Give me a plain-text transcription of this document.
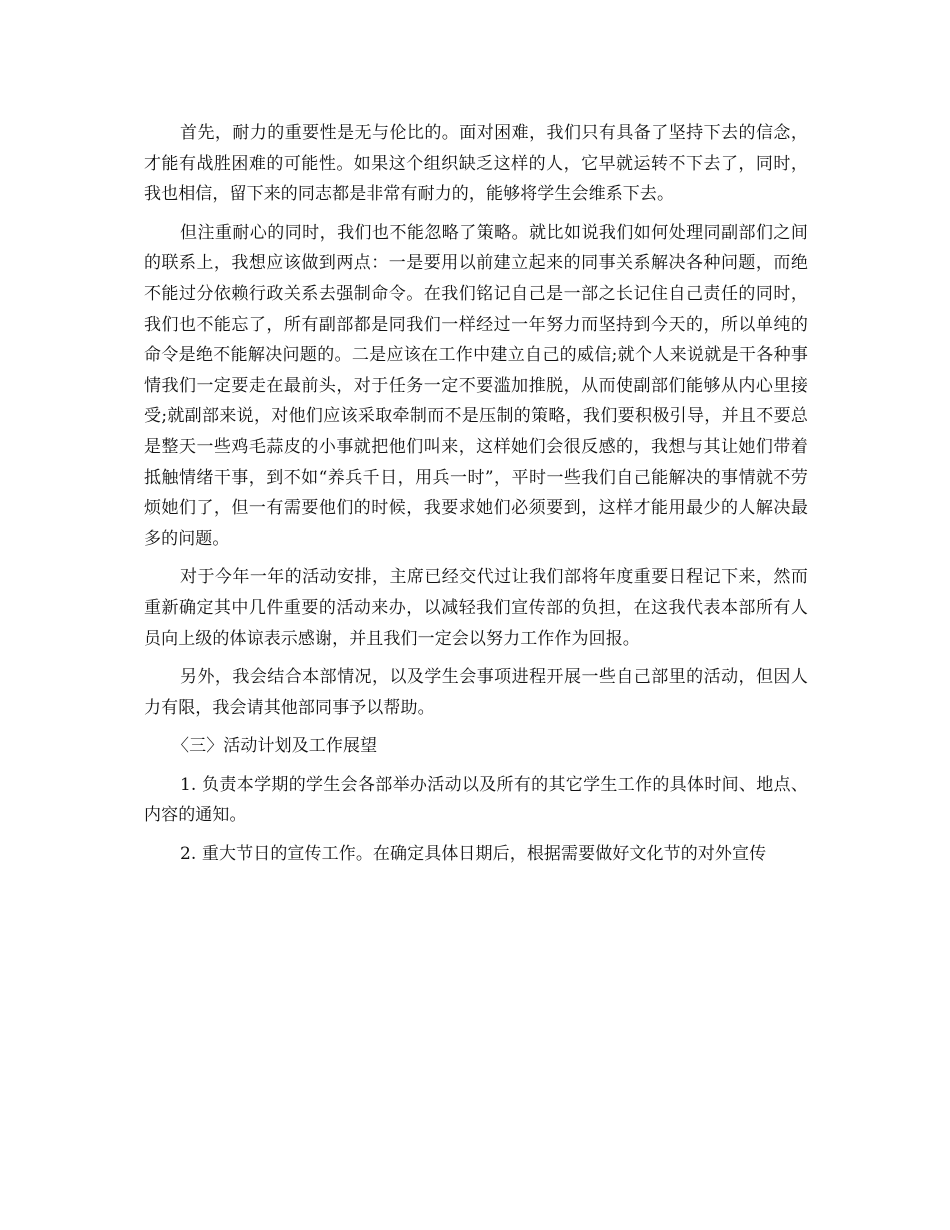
首先，耐力的重要性是无与伦比的。面对困难，我们只有具备了坚持下去的信念，才能有战胜困难的可能性。如果这个组织缺乏这样的人，它早就运转不下去了，同时，我也相信，留下来的同志都是非常有耐力的，能够将学生会维系下去。

但注重耐心的同时，我们也不能忽略了策略。就比如说我们如何处理同副部们之间的联系上，我想应该做到两点：一是要用以前建立起来的同事关系解决各种问题，而绝不能过分依赖行政关系去强制命令。在我们铭记自己是一部之长记住自己责任的同时，我们也不能忘了，所有副部都是同我们一样经过一年努力而坚持到今天的，所以单纯的命令是绝不能解决问题的。二是应该在工作中建立自己的威信;就个人来说就是干各种事情我们一定要走在最前头，对于任务一定不要滥加推脱，从而使副部们能够从内心里接受;就副部来说，对他们应该采取牵制而不是压制的策略，我们要积极引导，并且不要总是整天一些鸡毛蒜皮的小事就把他们叫来，这样她们会很反感的，我想与其让她们带着抵触情绪干事，到不如“养兵千日，用兵一时”，平时一些我们自己能解决的事情就不劳烦她们了，但一有需要他们的时候，我要求她们必须要到，这样才能用最少的人解决最多的问题。

对于今年一年的活动安排，主席已经交代过让我们部将年度重要日程记下来，然而重新确定其中几件重要的活动来办，以减轻我们宣传部的负担，在这我代表本部所有人员向上级的体谅表示感谢，并且我们一定会以努力工作作为回报。

另外，我会结合本部情况，以及学生会事项进程开展一些自己部里的活动，但因人力有限，我会请其他部同事予以帮助。

〈三〉活动计划及工作展望

1. 负责本学期的学生会各部举办活动以及所有的其它学生工作的具体时间、地点、内容的通知。

2. 重大节日的宣传工作。在确定具体日期后，根据需要做好文化节的对外宣传
